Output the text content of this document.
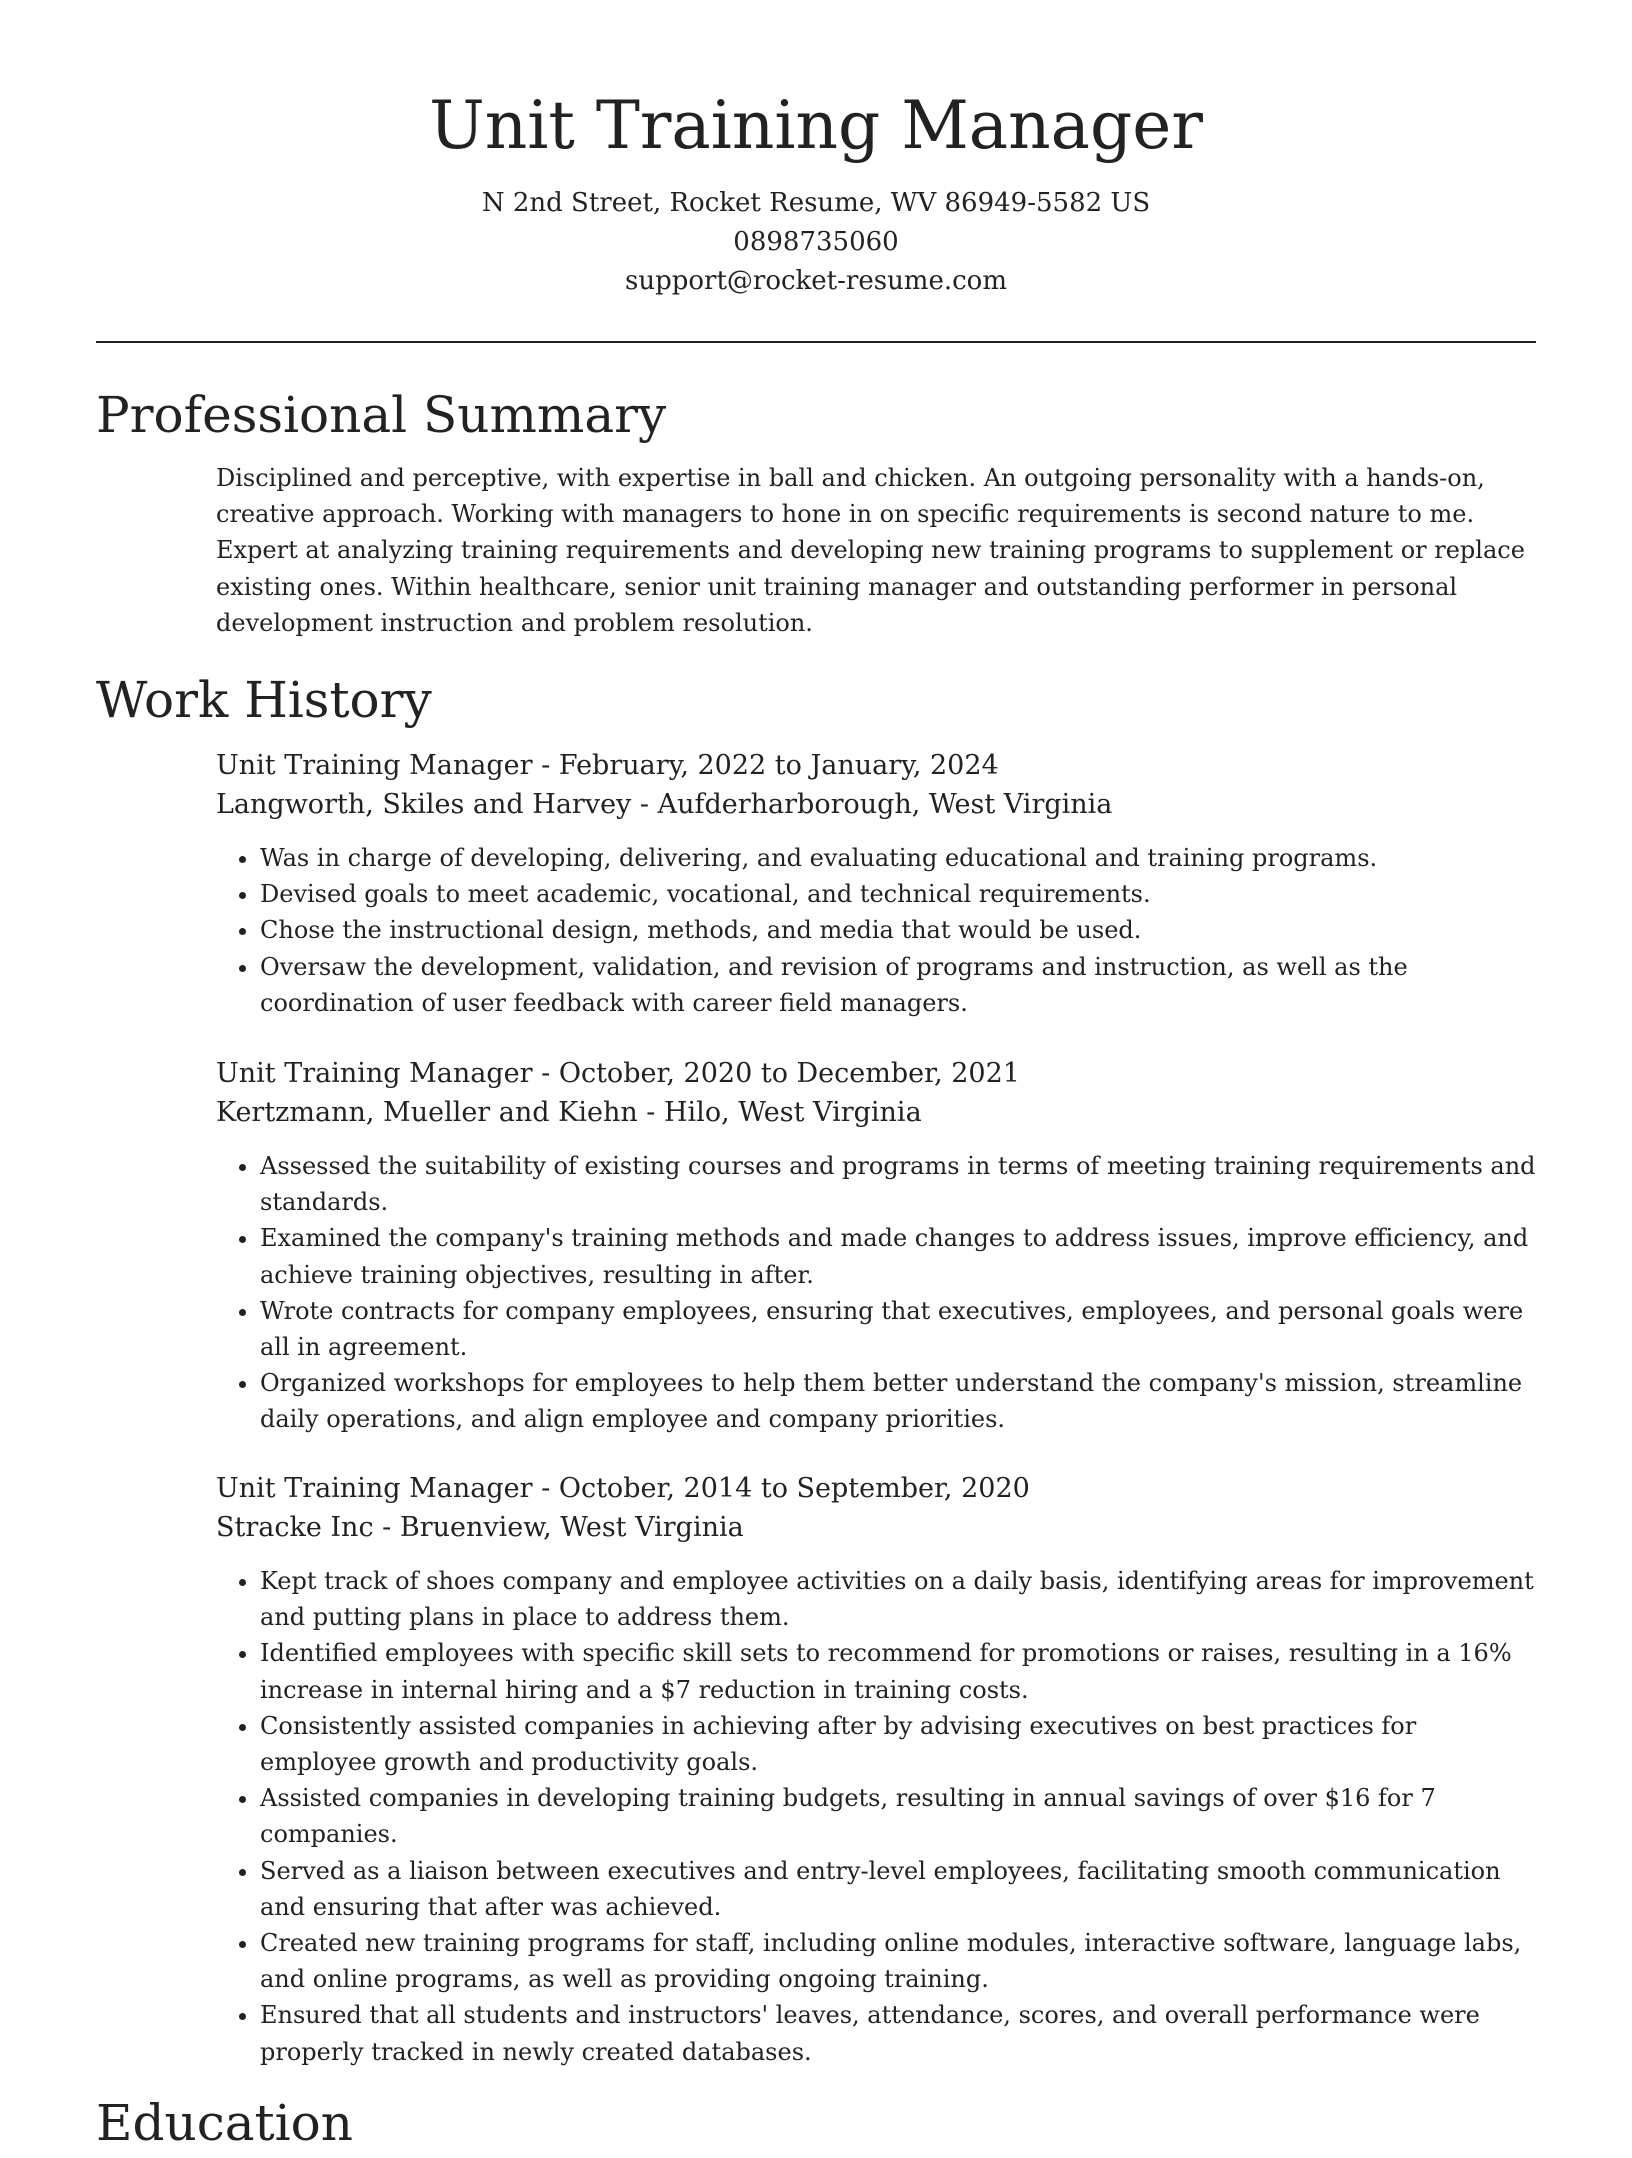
Unit Training Manager
N 2nd Street, Rocket Resume, WV 86949-5582 US
0898735060
support@rocket-resume.com
Professional Summary

Disciplined and perceptive, with expertise in ball and chicken. An outgoing personality with a hands-on, creative approach. Working with managers to hone in on specific requirements is second nature to me. Expert at analyzing training requirements and developing new training programs to supplement or replace existing ones. Within healthcare, senior unit training manager and outstanding performer in personal development instruction and problem resolution.

Work History
Unit Training Manager - February, 2022 to January, 2024
Langworth, Skiles and Harvey - Aufderharborough, West Virginia
• Was in charge of developing, delivering, and evaluating educational and training programs.
• Devised goals to meet academic, vocational, and technical requirements.
• Chose the instructional design, methods, and media that would be used.
• Oversaw the development, validation, and revision of programs and instruction, as well as the coordination of user feedback with career field managers.
Unit Training Manager - October, 2020 to December, 2021
Kertzmann, Mueller and Kiehn - Hilo, West Virginia
• Assessed the suitability of existing courses and programs in terms of meeting training requirements and standards.
• Examined the company's training methods and made changes to address issues, improve efficiency, and achieve training objectives, resulting in after.
• Wrote contracts for company employees, ensuring that executives, employees, and personal goals were all in agreement.
• Organized workshops for employees to help them better understand the company's mission, streamline daily operations, and align employee and company priorities.
Unit Training Manager - October, 2014 to September, 2020
Stracke Inc - Bruenview, West Virginia
• Kept track of shoes company and employee activities on a daily basis, identifying areas for improvement and putting plans in place to address them.
• Identified employees with specific skill sets to recommend for promotions or raises, resulting in a 16% increase in internal hiring and a $7 reduction in training costs.
• Consistently assisted companies in achieving after by advising executives on best practices for employee growth and productivity goals.
• Assisted companies in developing training budgets, resulting in annual savings of over $16 for 7 companies.
• Served as a liaison between executives and entry-level employees, facilitating smooth communication and ensuring that after was achieved.
• Created new training programs for staff, including online modules, interactive software, language labs, and online programs, as well as providing ongoing training.
• Ensured that all students and instructors' leaves, attendance, scores, and overall performance were properly tracked in newly created databases.
Education
